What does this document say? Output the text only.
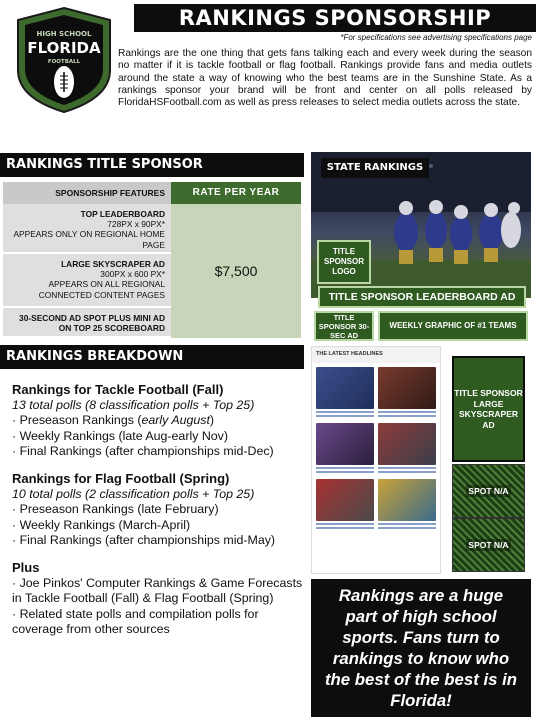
HIGH SCHOOL
FLORIDA
FOOTBALL
RANKINGS SPONSORSHIP
*For specifications see advertising specifications page

Rankings are the one thing that gets fans talking each and every week during the season no matter if it is tackle football or flag football. Rankings provide fans and media outlets around the state a way of knowing who the best teams are in the Sunshine State. As a rankings sponsor your brand will be front and center on all polls released by FloridaHSFootball.com as well as press releases to select media outlets across the state.

RANKINGS TITLE SPONSOR
SPONSORSHIP FEATURES	RATE PER YEAR
TOP LEADERBOARD
728PX x 90PX*
APPEARS ONLY ON REGIONAL HOME PAGE
LARGE SKYSCRAPER AD
300PX x 600 PX*
APPEARS ON ALL REGIONAL CONNECTED CONTENT PAGES
30-SECOND AD SPOT PLUS MINI AD ON TOP 25 SCOREBOARD
$7,500
RANKINGS BREAKDOWN
Rankings for Tackle Football (Fall)
13 total polls (8 classification polls + Top 25)
· Preseason Rankings (early August)
· Weekly Rankings (late Aug-early Nov)
· Final Rankings (after championships mid-Dec)
Rankings for Flag Football (Spring)
10 total polls (2 classification polls + Top 25)
· Preseason Rankings (late February)
· Weekly Rankings (March-April)
· Final Rankings (after championships mid-May)
Plus
· Joe Pinkos' Computer Rankings & Game Forecasts in Tackle Football (Fall) & Flag Football (Spring)
· Related state polls and compilation polls for coverage from other sources
STATE RANKINGS
TITLE SPONSOR LOGO
TITLE SPONSOR LEADERBOARD AD
TITLE SPONSOR 30-SEC AD
WEEKLY GRAPHIC OF #1 TEAMS
THE LATEST HEADLINES
TITLE SPONSOR LARGE SKYSCRAPER AD
SPOT N/A
SPOT N/A
Rankings are a huge part of high school sports. Fans turn to rankings to know who the best of the best is in Florida!
